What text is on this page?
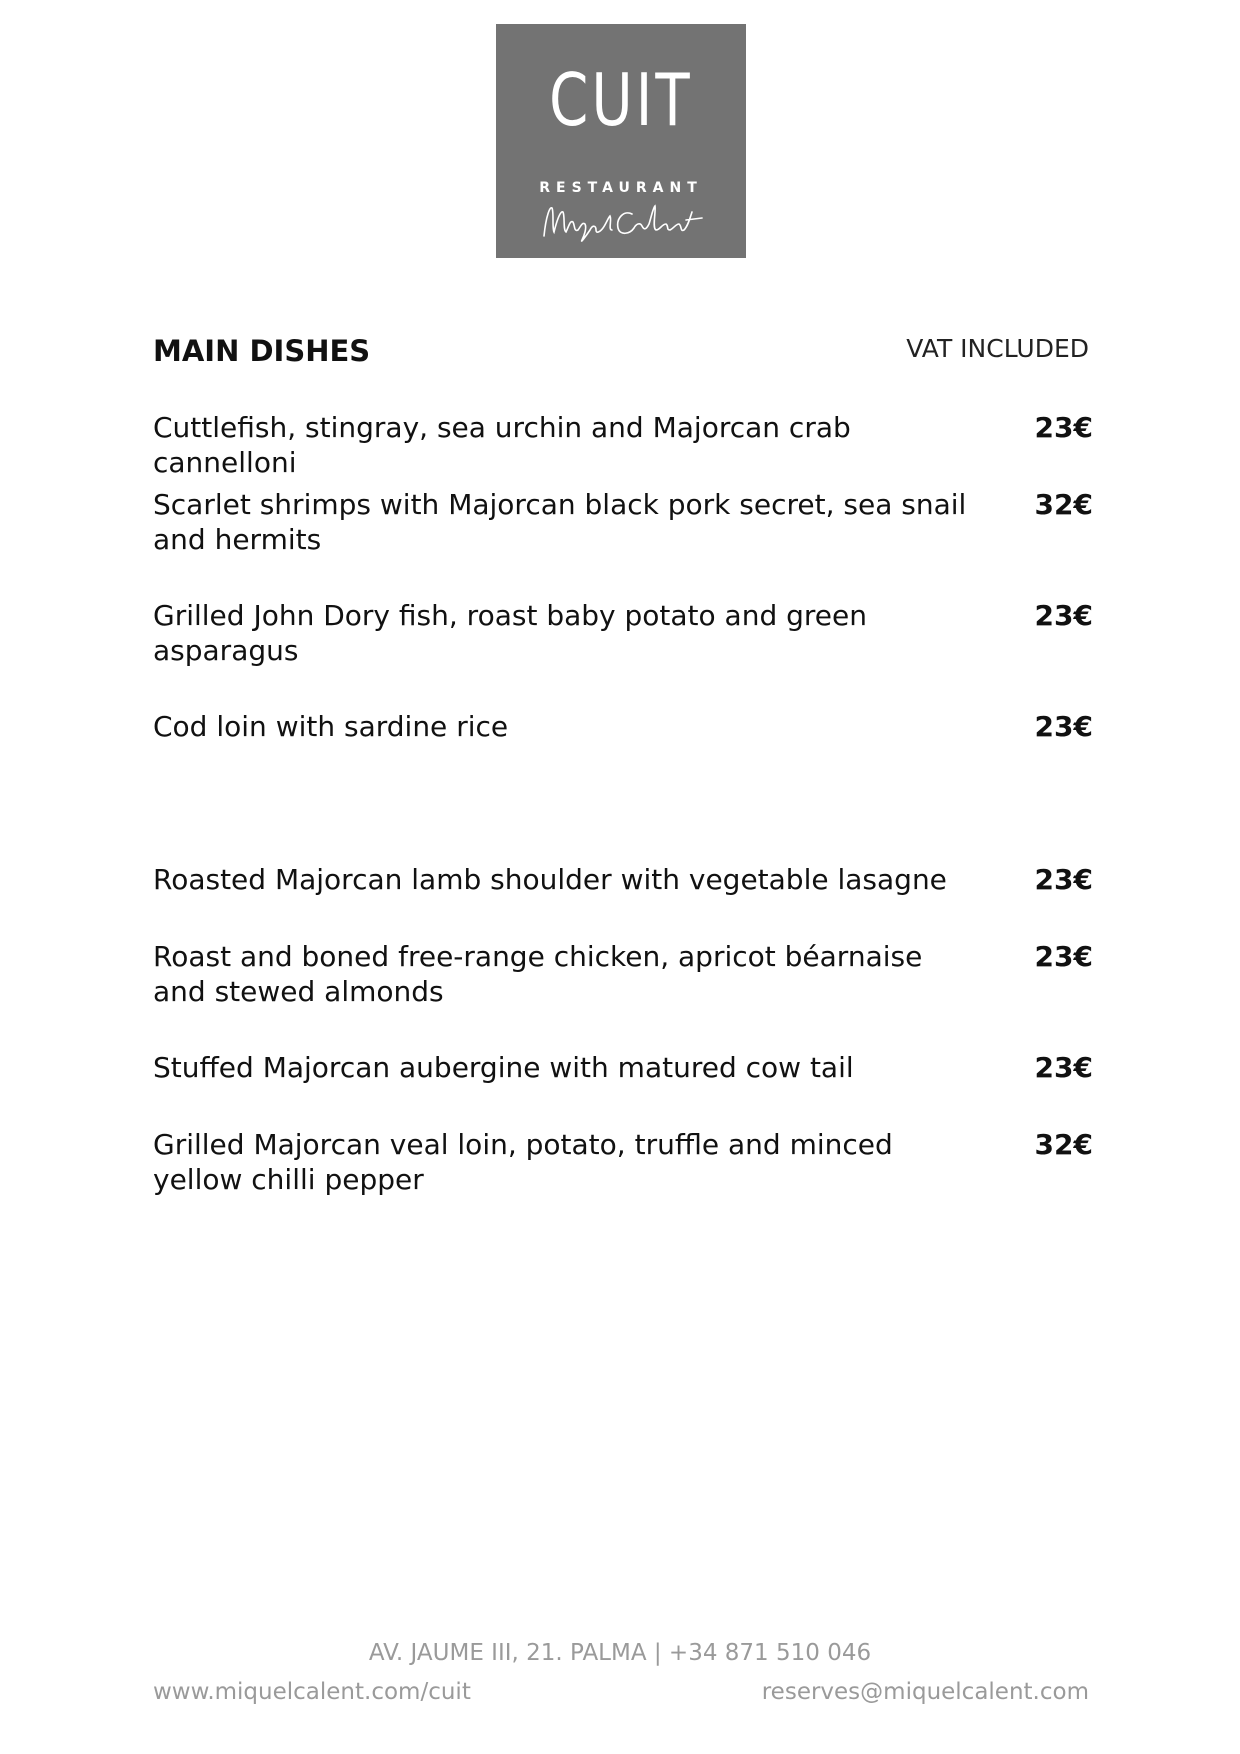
CUIT
RESTAURANT
MAIN DISHES	VAT INCLUDED
Cuttlefish, stingray, sea urchin and Majorcan crab cannelloni
23€
Scarlet shrimps with Majorcan black pork secret, sea snail and hermits
32€
Grilled John Dory fish, roast baby potato and green asparagus
23€
Cod loin with sardine rice	23€
Roasted Majorcan lamb shoulder with vegetable lasagne	23€
Roast and boned free-range chicken, apricot béarnaise and stewed almonds
23€
Stuffed Majorcan aubergine with matured cow tail	23€
Grilled Majorcan veal loin, potato, truffle and minced yellow chilli pepper
32€
AV. JAUME III, 21. PALMA | +34 871 510 046
www.miquelcalent.com/cuit	reserves@miquelcalent.com
